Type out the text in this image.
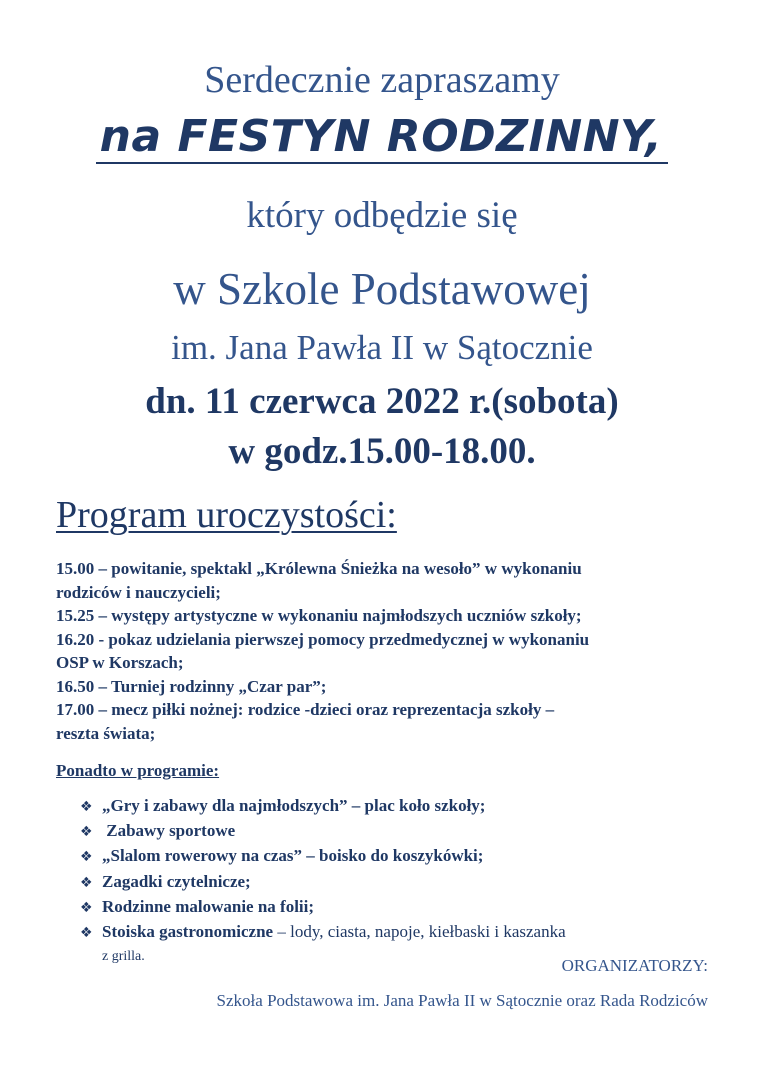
Serdecznie zapraszamy
na FESTYN RODZINNY,
który odbędzie się
w Szkole Podstawowej
im. Jana Pawła II w Sątocznie
dn. 11 czerwca 2022 r.(sobota)
w godz.15.00-18.00.
Program uroczystości:
15.00 – powitanie, spektakl „Królewna Śnieżka na wesoło” w wykonaniu
rodziców i nauczycieli;
15.25 – występy artystyczne w wykonaniu najmłodszych uczniów szkoły;
16.20 - pokaz udzielania pierwszej pomocy przedmedycznej w wykonaniu
OSP w Korszach;
16.50 – Turniej rodzinny „Czar par”;
17.00 – mecz piłki nożnej: rodzice -dzieci oraz reprezentacja szkoły –
reszta świata;
Ponadto w programie:
❖ „Gry i zabawy dla najmłodszych” – plac koło szkoły;
❖ Zabawy sportowe
❖ „Slalom rowerowy na czas” – boisko do koszykówki;
❖ Zagadki czytelnicze;
❖ Rodzinne malowanie na folii;
❖ Stoiska gastronomiczne – lody, ciasta, napoje, kiełbaski i kaszanka
z grilla.	ORGANIZATORZY:
Szkoła Podstawowa im. Jana Pawła II w Sątocznie oraz Rada Rodziców
